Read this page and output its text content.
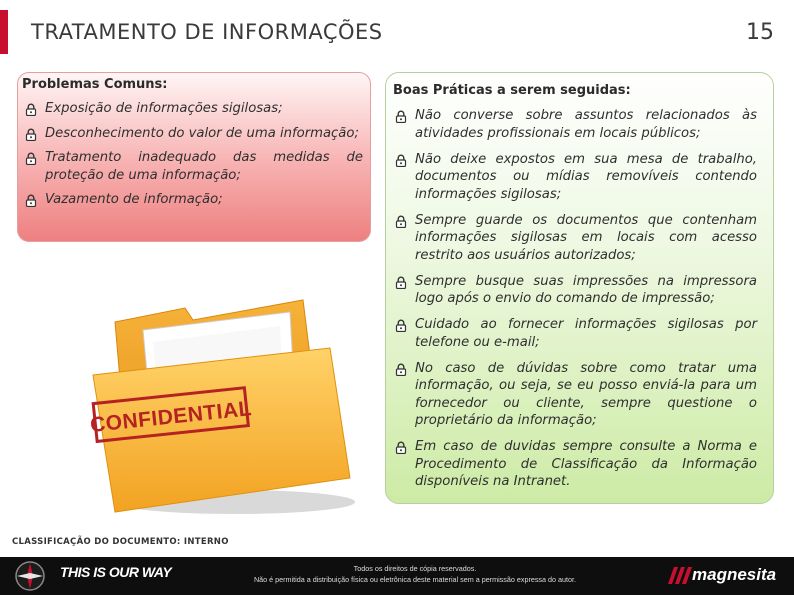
TRATAMENTO DE INFORMAÇÕES	15
Problemas Comuns:
Exposição de informações sigilosas;
Desconhecimento do valor de uma informação;
Tratamento inadequado das medidas de proteção de uma informação;
Vazamento de informação;
Boas Práticas a serem seguidas:
Não converse sobre assuntos relacionados às atividades profissionais em locais públicos;
Não deixe expostos em sua mesa de trabalho, documentos ou mídias removíveis contendo informações sigilosas;
Sempre guarde os documentos que contenham informações sigilosas em locais com acesso restrito aos usuários autorizados;
Sempre busque suas impressões na impressora logo após o envio do comando de impressão;
Cuidado ao fornecer informações sigilosas por telefone ou e-mail;
No caso de dúvidas sobre como tratar uma informação, ou seja, se eu posso enviá-la para um fornecedor ou cliente, sempre questione o proprietário da informação;
Em caso de duvidas sempre consulte a Norma e Procedimento de Classificação da Informação disponíveis na Intranet.
CONFIDENTIAL
CLASSIFICAÇÃO DO DOCUMENTO: INTERNO
THIS IS OUR WAY	Todos os direitos de cópia reservados.
Não é permitida a distribuição física ou eletrônica deste material sem a permissão expressa do autor.	magnesita
